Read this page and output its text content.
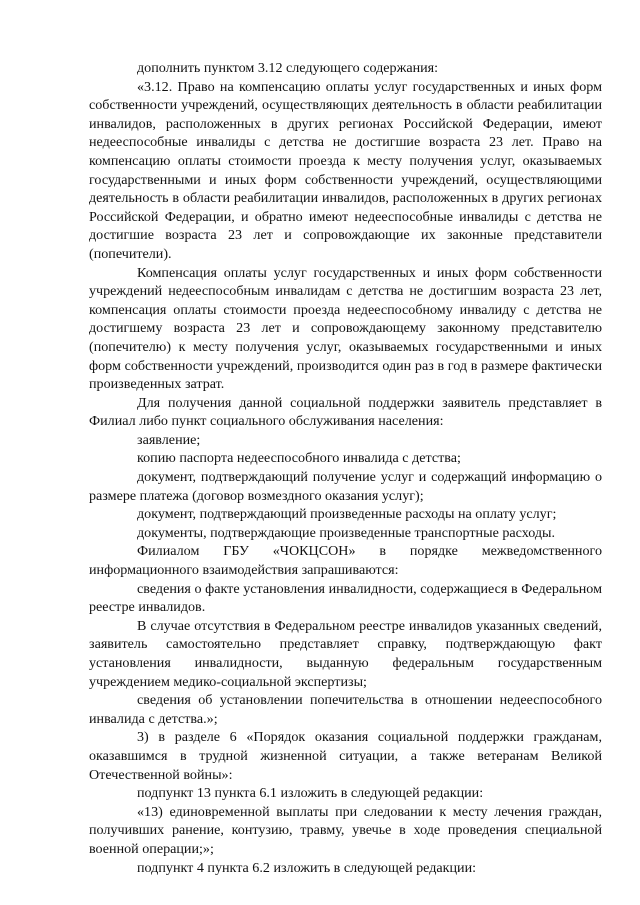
дополнить пунктом 3.12 следующего содержания:

«3.12. Право на компенсацию оплаты услуг государственных и иных форм собственности учреждений, осуществляющих деятельность в области реабилитации инвалидов, расположенных в других регионах Российской Федерации, имеют недееспособные инвалиды с детства не достигшие возраста 23 лет. Право на компенсацию оплаты стоимости проезда к месту получения услуг, оказываемых государственными и иных форм собственности учреждений, осуществляющими деятельность в области реабилитации инвалидов, расположенных в других регионах Российской Федерации, и обратно имеют недееспособные инвалиды с детства не достигшие возраста 23 лет и сопровождающие их законные представители (попечители).

Компенсация оплаты услуг государственных и иных форм собственности учреждений недееспособным инвалидам с детства не достигшим возраста 23 лет, компенсация оплаты стоимости проезда недееспособному инвалиду с детства не достигшему возраста 23 лет и сопровождающему законному представителю (попечителю) к месту получения услуг, оказываемых государственными и иных форм собственности учреждений, производится один раз в год в размере фактически произведенных затрат.

Для получения данной социальной поддержки заявитель представляет в Филиал либо пункт социального обслуживания населения:

заявление;

копию паспорта недееспособного инвалида с детства;

документ, подтверждающий получение услуг и содержащий информацию о размере платежа (договор возмездного оказания услуг);

документ, подтверждающий произведенные расходы на оплату услуг;

документы, подтверждающие произведенные транспортные расходы.

Филиалом ГБУ «ЧОКЦСОН» в порядке межведомственного информационного взаимодействия запрашиваются:

сведения о факте установления инвалидности, содержащиеся в Федеральном реестре инвалидов.

В случае отсутствия в Федеральном реестре инвалидов указанных сведений, заявитель самостоятельно представляет справку, подтверждающую факт установления инвалидности, выданную федеральным государственным учреждением медико-социальной экспертизы;

сведения об установлении попечительства в отношении недееспособного инвалида с детства.»;

3) в разделе 6 «Порядок оказания социальной поддержки гражданам, оказавшимся в трудной жизненной ситуации, а также ветеранам Великой Отечественной войны»:

подпункт 13 пункта 6.1 изложить в следующей редакции:

«13) единовременной выплаты при следовании к месту лечения граждан, получивших ранение, контузию, травму, увечье в ходе проведения специальной военной операции;»;

подпункт 4 пункта 6.2 изложить в следующей редакции:
